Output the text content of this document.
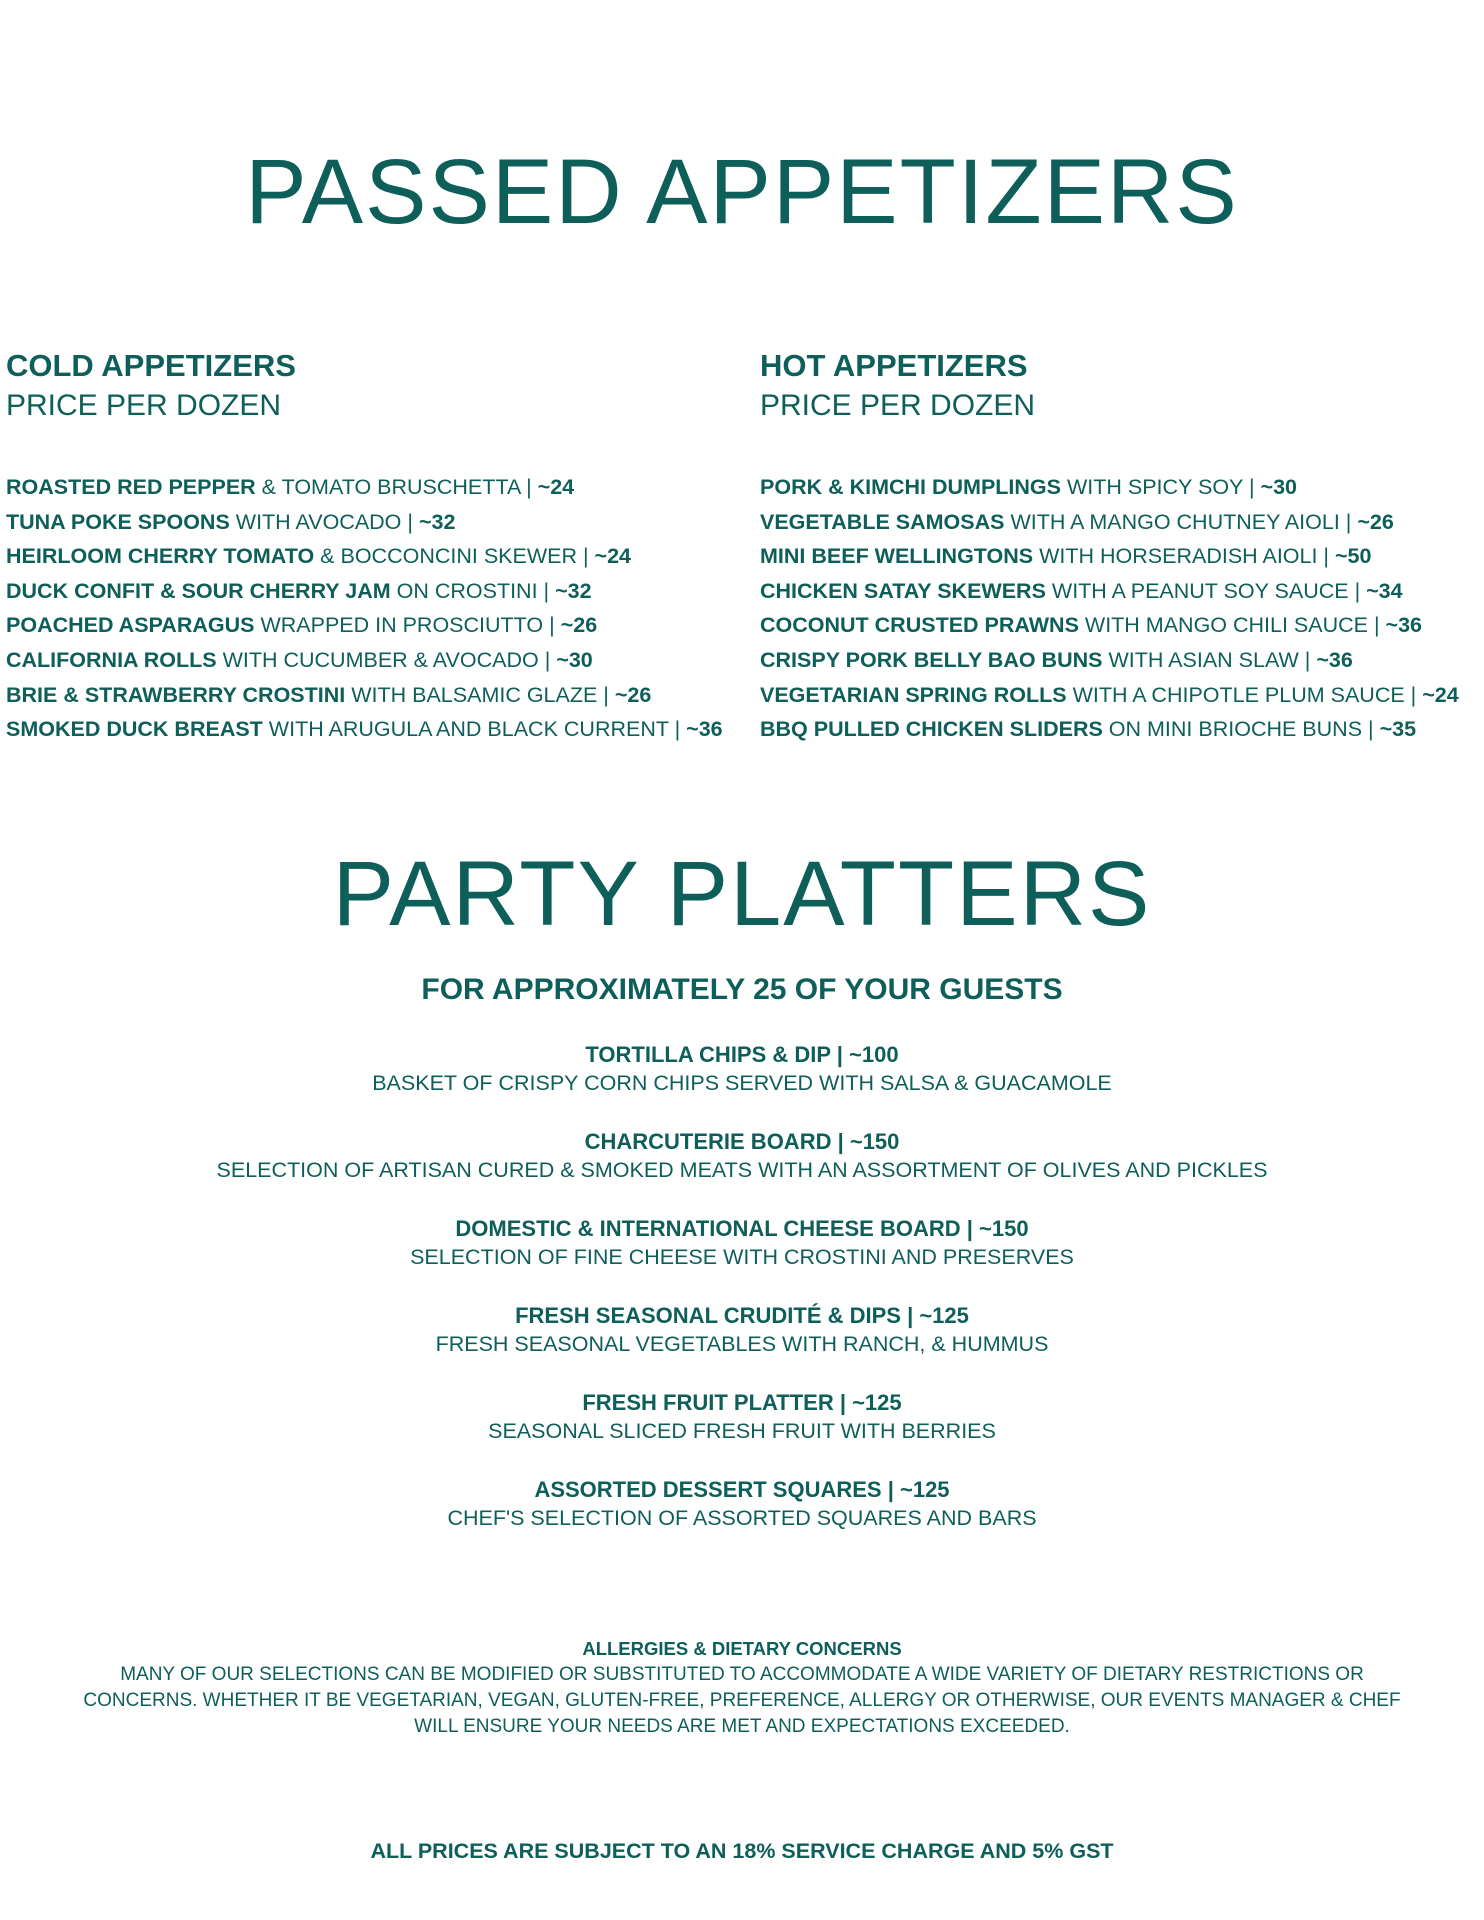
PASSED APPETIZERS
COLD APPETIZERS
PRICE PER DOZEN
ROASTED RED PEPPER & TOMATO BRUSCHETTA | ~24
TUNA POKE SPOONS WITH AVOCADO | ~32
HEIRLOOM CHERRY TOMATO & BOCCONCINI SKEWER | ~24
DUCK CONFIT & SOUR CHERRY JAM ON CROSTINI | ~32
POACHED ASPARAGUS WRAPPED IN PROSCIUTTO | ~26
CALIFORNIA ROLLS WITH CUCUMBER & AVOCADO | ~30
BRIE & STRAWBERRY CROSTINI WITH BALSAMIC GLAZE | ~26
SMOKED DUCK BREAST WITH ARUGULA AND BLACK CURRENT | ~36
HOT APPETIZERS
PRICE PER DOZEN
PORK & KIMCHI DUMPLINGS WITH SPICY SOY | ~30
VEGETABLE SAMOSAS WITH A MANGO CHUTNEY AIOLI | ~26
MINI BEEF WELLINGTONS WITH HORSERADISH AIOLI | ~50
CHICKEN SATAY SKEWERS WITH A PEANUT SOY SAUCE | ~34
COCONUT CRUSTED PRAWNS WITH MANGO CHILI SAUCE | ~36
CRISPY PORK BELLY BAO BUNS WITH ASIAN SLAW | ~36
VEGETARIAN SPRING ROLLS WITH A CHIPOTLE PLUM SAUCE | ~24
BBQ PULLED CHICKEN SLIDERS ON MINI BRIOCHE BUNS | ~35
PARTY PLATTERS
FOR APPROXIMATELY 25 OF YOUR GUESTS
TORTILLA CHIPS & DIP | ~100
BASKET OF CRISPY CORN CHIPS SERVED WITH SALSA & GUACAMOLE
CHARCUTERIE BOARD | ~150
SELECTION OF ARTISAN CURED & SMOKED MEATS WITH AN ASSORTMENT OF OLIVES AND PICKLES
DOMESTIC & INTERNATIONAL CHEESE BOARD | ~150
SELECTION OF FINE CHEESE WITH CROSTINI AND PRESERVES
FRESH SEASONAL CRUDITÉ & DIPS | ~125
FRESH SEASONAL VEGETABLES WITH RANCH, & HUMMUS
FRESH FRUIT PLATTER | ~125
SEASONAL SLICED FRESH FRUIT WITH BERRIES
ASSORTED DESSERT SQUARES | ~125
CHEF'S SELECTION OF ASSORTED SQUARES AND BARS
ALLERGIES & DIETARY CONCERNS
MANY OF OUR SELECTIONS CAN BE MODIFIED OR SUBSTITUTED TO ACCOMMODATE A WIDE VARIETY OF DIETARY RESTRICTIONS OR CONCERNS. WHETHER IT BE VEGETARIAN, VEGAN, GLUTEN-FREE, PREFERENCE, ALLERGY OR OTHERWISE, OUR EVENTS MANAGER & CHEF WILL ENSURE YOUR NEEDS ARE MET AND EXPECTATIONS EXCEEDED.
ALL PRICES ARE SUBJECT TO AN 18% SERVICE CHARGE AND 5% GST
